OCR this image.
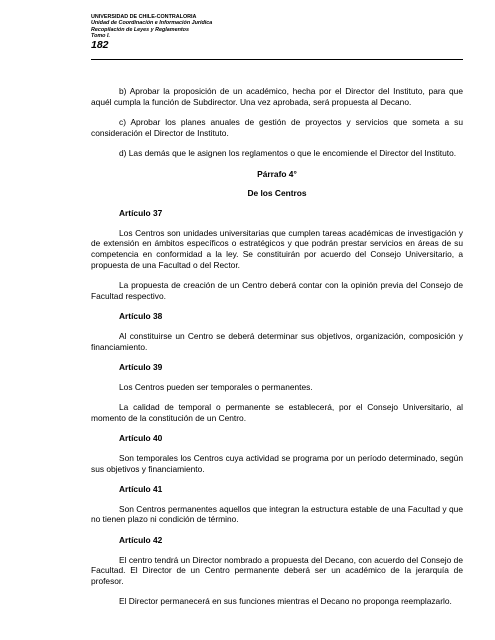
UNIVERSIDAD DE CHILE-CONTRALORIA
Unidad de Coordinación e Información Jurídica
Recopilación de Leyes y Reglamentos
Tomo I.
182

b) Aprobar la proposición de un académico, hecha por el Director del Instituto, para que aquél cumpla la función de Subdirector. Una vez aprobada, será propuesta al Decano.

c) Aprobar los planes anuales de gestión de proyectos y servicios que someta a su consideración el Director de Instituto.

d) Las demás que le asignen los reglamentos o que le encomiende el Director del Instituto.

Párrafo 4°

De los Centros

Artículo 37

Los Centros son unidades universitarias que cumplen tareas académicas de investigación y de extensión en ámbitos específicos o estratégicos y que podrán prestar servicios en áreas de su competencia en conformidad a la ley. Se constituirán por acuerdo del Consejo Universitario, a propuesta de una Facultad o del Rector.

La propuesta de creación de un Centro deberá contar con la opinión previa del Consejo de Facultad respectivo.

Artículo 38

Al constituirse un Centro se deberá determinar sus objetivos, organización, composición y financiamiento.

Artículo 39

Los Centros pueden ser temporales o permanentes.

La calidad de temporal o permanente se establecerá, por el Consejo Universitario, al momento de la constitución de un Centro.

Artículo 40

Son temporales los Centros cuya actividad se programa por un período determinado, según sus objetivos y financiamiento.

Artículo 41

Son Centros permanentes aquellos que integran la estructura estable de una Facultad y que no tienen plazo ni condición de término.

Artículo 42

El centro tendrá un Director nombrado a propuesta del Decano, con acuerdo del Consejo de Facultad. El Director de un Centro permanente deberá ser un académico de la jerarquía de profesor.

El Director permanecerá en sus funciones mientras el Decano no proponga reemplazarlo.
